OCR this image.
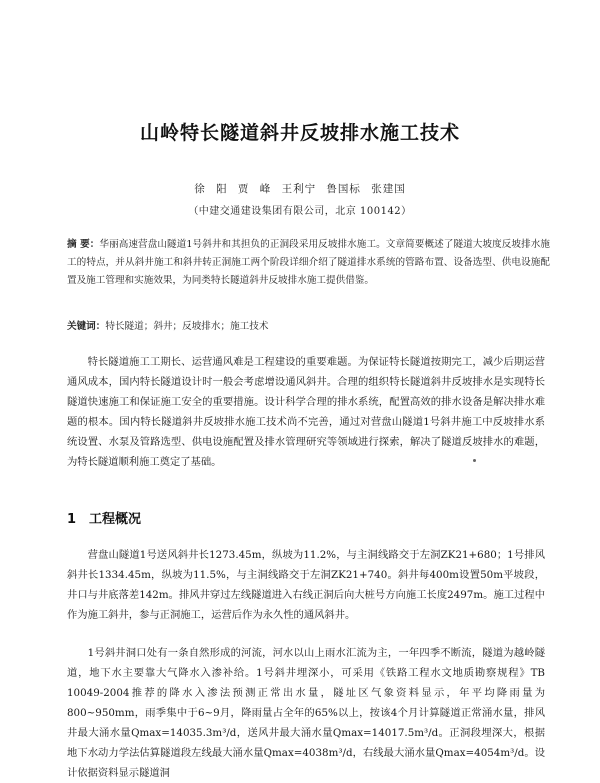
山岭特长隧道斜井反坡排水施工技术
徐 阳 贾 峰 王利宁 鲁国标 张建国
（中建交通建设集团有限公司，北京 100142）
摘 要：华丽高速营盘山隧道1号斜井和其担负的正洞段采用反坡排水施工。文章简要概述了隧道大坡度反坡排水施工的特点，并从斜井施工和斜井转正洞施工两个阶段详细介绍了隧道排水系统的管路布置、设备选型、供电设施配置及施工管理和实施效果，为同类特长隧道斜井反坡排水施工提供借鉴。
关键词：特长隧道；斜井；反坡排水；施工技术
特长隧道施工工期长、运营通风难是工程建设的重要难题。为保证特长隧道按期完工，减少后期运营通风成本，国内特长隧道设计时一般会考虑增设通风斜井。合理的组织特长隧道斜井反坡排水是实现特长隧道快速施工和保证施工安全的重要措施。设计科学合理的排水系统，配置高效的排水设备是解决排水难题的根本。国内特长隧道斜井反坡排水施工技术尚不完善，通过对营盘山隧道1号斜井施工中反坡排水系统设置、水泵及管路选型、供电设施配置及排水管理研究等领域进行探索，解决了隧道反坡排水的难题，为特长隧道顺利施工奠定了基础。
1 工程概况
营盘山隧道1号送风斜井长1273.45m，纵坡为11.2%，与主洞线路交于左洞ZK21+680；1号排风斜井长1334.45m，纵坡为11.5%，与主洞线路交于左洞ZK21+740。斜井每400m设置50m平坡段，井口与井底落差142m。排风井穿过左线隧道进入右线正洞后向大桩号方向施工长度2497m。施工过程中作为施工斜井，参与正洞施工，运营后作为永久性的通风斜井。
1号斜井洞口处有一条自然形成的河流，河水以山上雨水汇流为主，一年四季不断流，隧道为越岭隧道，地下水主要靠大气降水入渗补给。1号斜井埋深小，可采用《铁路工程水文地质勘察规程》TB 10049-2004推荐的降水入渗法预测正常出水量，隧址区气象资料显示，年平均降雨量为800~950mm，雨季集中于6~9月，降雨量占全年的65%以上，按该4个月计算隧道正常涌水量，排风井最大涌水量Qmax=14035.3m³/d，送风井最大涌水量Qmax=14017.5m³/d。正洞段埋深大，根据地下水动力学法估算隧道段左线最大涌水量Qmax=4038m³/d，右线最大涌水量Qmax=4054m³/d。设计依据资料显示隧道洞
